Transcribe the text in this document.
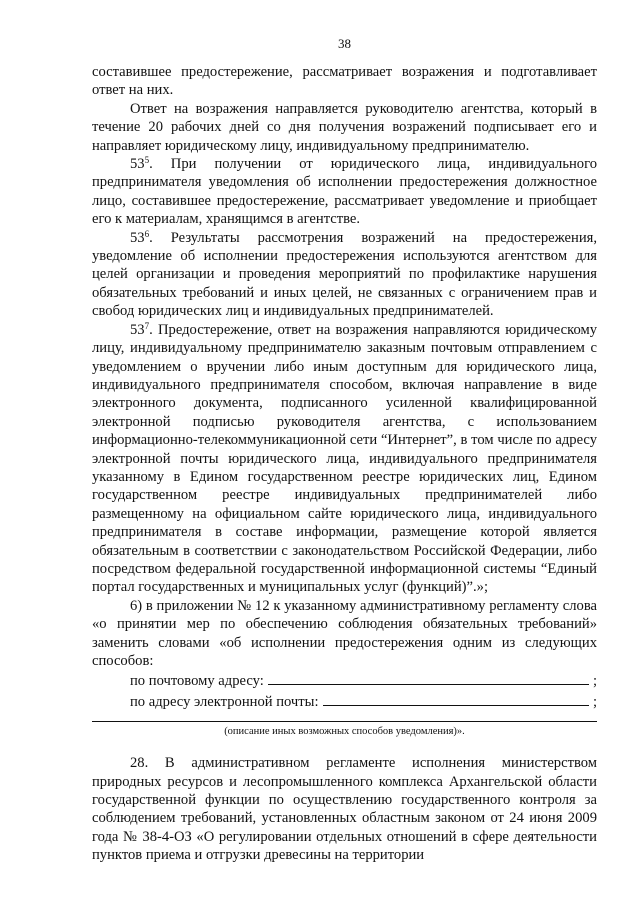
38

составившее предостережение, рассматривает возражения и подготавливает ответ на них.

Ответ на возражения направляется руководителю агентства, который в течение 20 рабочих дней со дня получения возражений подписывает его и направляет юридическому лицу, индивидуальному предпринимателю.

$53^5$. При получении от юридического лица, индивидуального предпринимателя уведомления об исполнении предостережения должностное лицо, составившее предостережение, рассматривает уведомление и приобщает его к материалам, хранящимся в агентстве.

$53^6$. Результаты рассмотрения возражений на предостережения, уведомление об исполнении предостережения используются агентством для целей организации и проведения мероприятий по профилактике нарушения обязательных требований и иных целей, не связанных с ограничением прав и свобод юридических лиц и индивидуальных предпринимателей.

$53^7$. Предостережение, ответ на возражения направляются юридическому лицу, индивидуальному предпринимателю заказным почтовым отправлением с уведомлением о вручении либо иным доступным для юридического лица, индивидуального предпринимателя способом, включая направление в виде электронного документа, подписанного усиленной квалифицированной электронной подписью руководителя агентства, с использованием информационно-телекоммуникационной сети “Интернет”, в том числе по адресу электронной почты юридического лица, индивидуального предпринимателя указанному в Едином государственном реестре юридических лиц, Едином государственном реестре индивидуальных предпринимателей либо размещенному на официальном сайте юридического лица, индивидуального предпринимателя в составе информации, размещение которой является обязательным в соответствии с законодательством Российской Федерации, либо посредством федеральной государственной информационной системы “Единый портал государственных и муниципальных услуг (функций)”.»;

6) в приложении № 12 к указанному административному регламенту слова «о принятии мер по обеспечению соблюдения обязательных требований» заменить словами «об исполнении предостережения одним из следующих способов:

по почтовому адресу:	;
по адресу электронной почты:	;
(описание иных возможных способов уведомления)».

28. В административном регламенте исполнения министерством природных ресурсов и лесопромышленного комплекса Архангельской области государственной функции по осуществлению государственного контроля за соблюдением требований, установленных областным законом от 24 июня 2009 года № 38-4-ОЗ «О регулировании отдельных отношений в сфере деятельности пунктов приема и отгрузки древесины на территории
